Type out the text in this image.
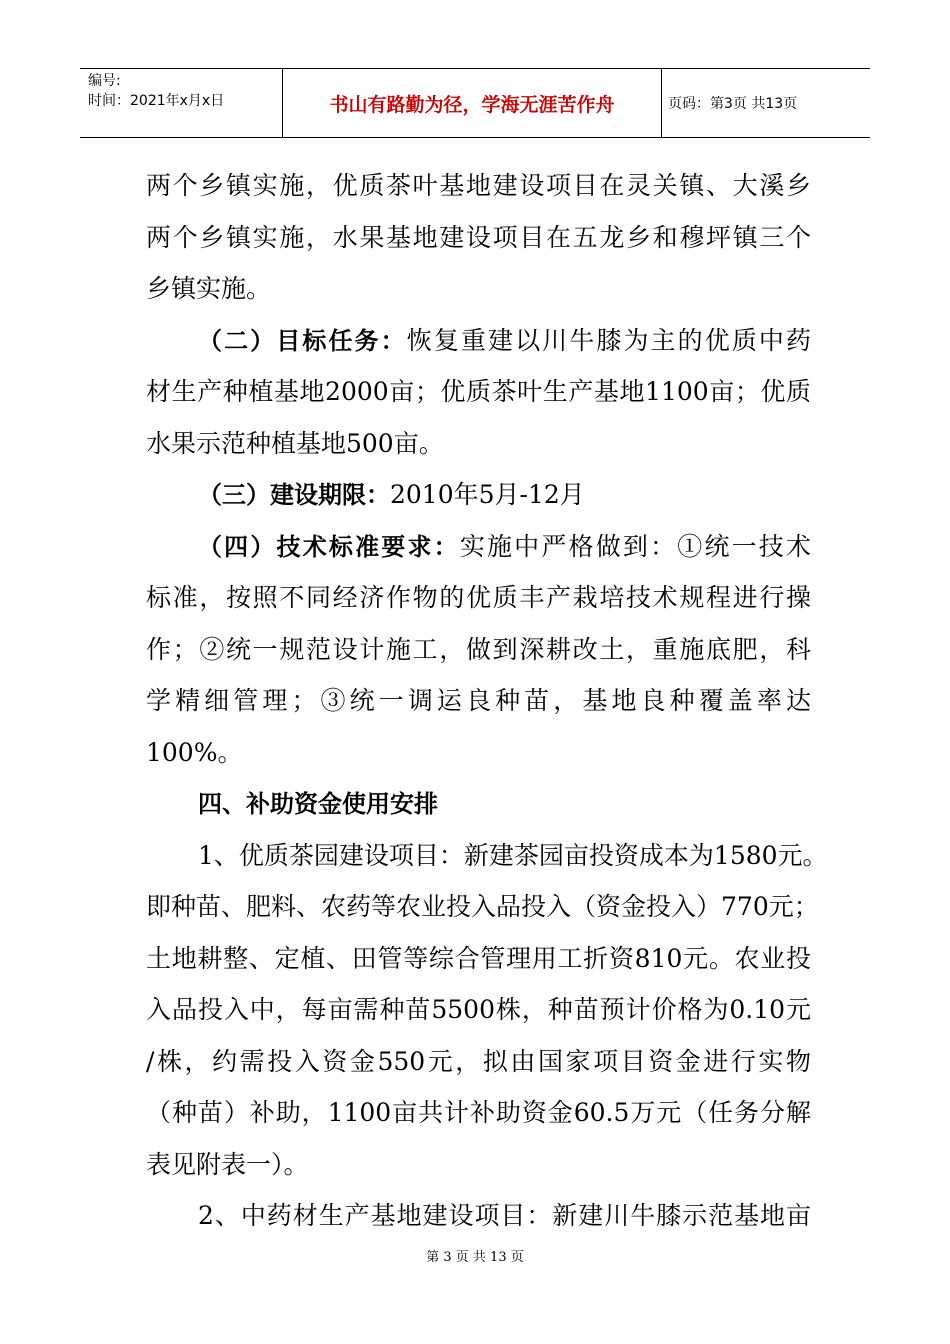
编号:
时间：2021年x月x日	书山有路勤为径，学海无涯苦作舟	页码：第3页 共13页
两个乡镇实施，优质茶叶基地建设项目在灵关镇、大溪乡
两个乡镇实施，水果基地建设项目在五龙乡和穆坪镇三个
乡镇实施。
（二）目标任务：恢复重建以川牛膝为主的优质中药
材生产种植基地2000亩；优质茶叶生产基地1100亩；优质
水果示范种植基地500亩。
（三）建设期限：2010年5月-12月
（四）技术标准要求：实施中严格做到：①统一技术
标准，按照不同经济作物的优质丰产栽培技术规程进行操
作；②统一规范设计施工，做到深耕改土，重施底肥，科
学精细管理；③统一调运良种苗，基地良种覆盖率达
100%。
四、补助资金使用安排
1、优质茶园建设项目：新建茶园亩投资成本为1580元。
即种苗、肥料、农药等农业投入品投入（资金投入）770元；
土地耕整、定植、田管等综合管理用工折资810元。农业投
入品投入中，每亩需种苗5500株，种苗预计价格为0.10元
/株，约需投入资金550元，拟由国家项目资金进行实物
（种苗）补助，1100亩共计补助资金60.5万元（任务分解
表见附表一）。
2、中药材生产基地建设项目：新建川牛膝示范基地亩
第 3 页 共 13 页
